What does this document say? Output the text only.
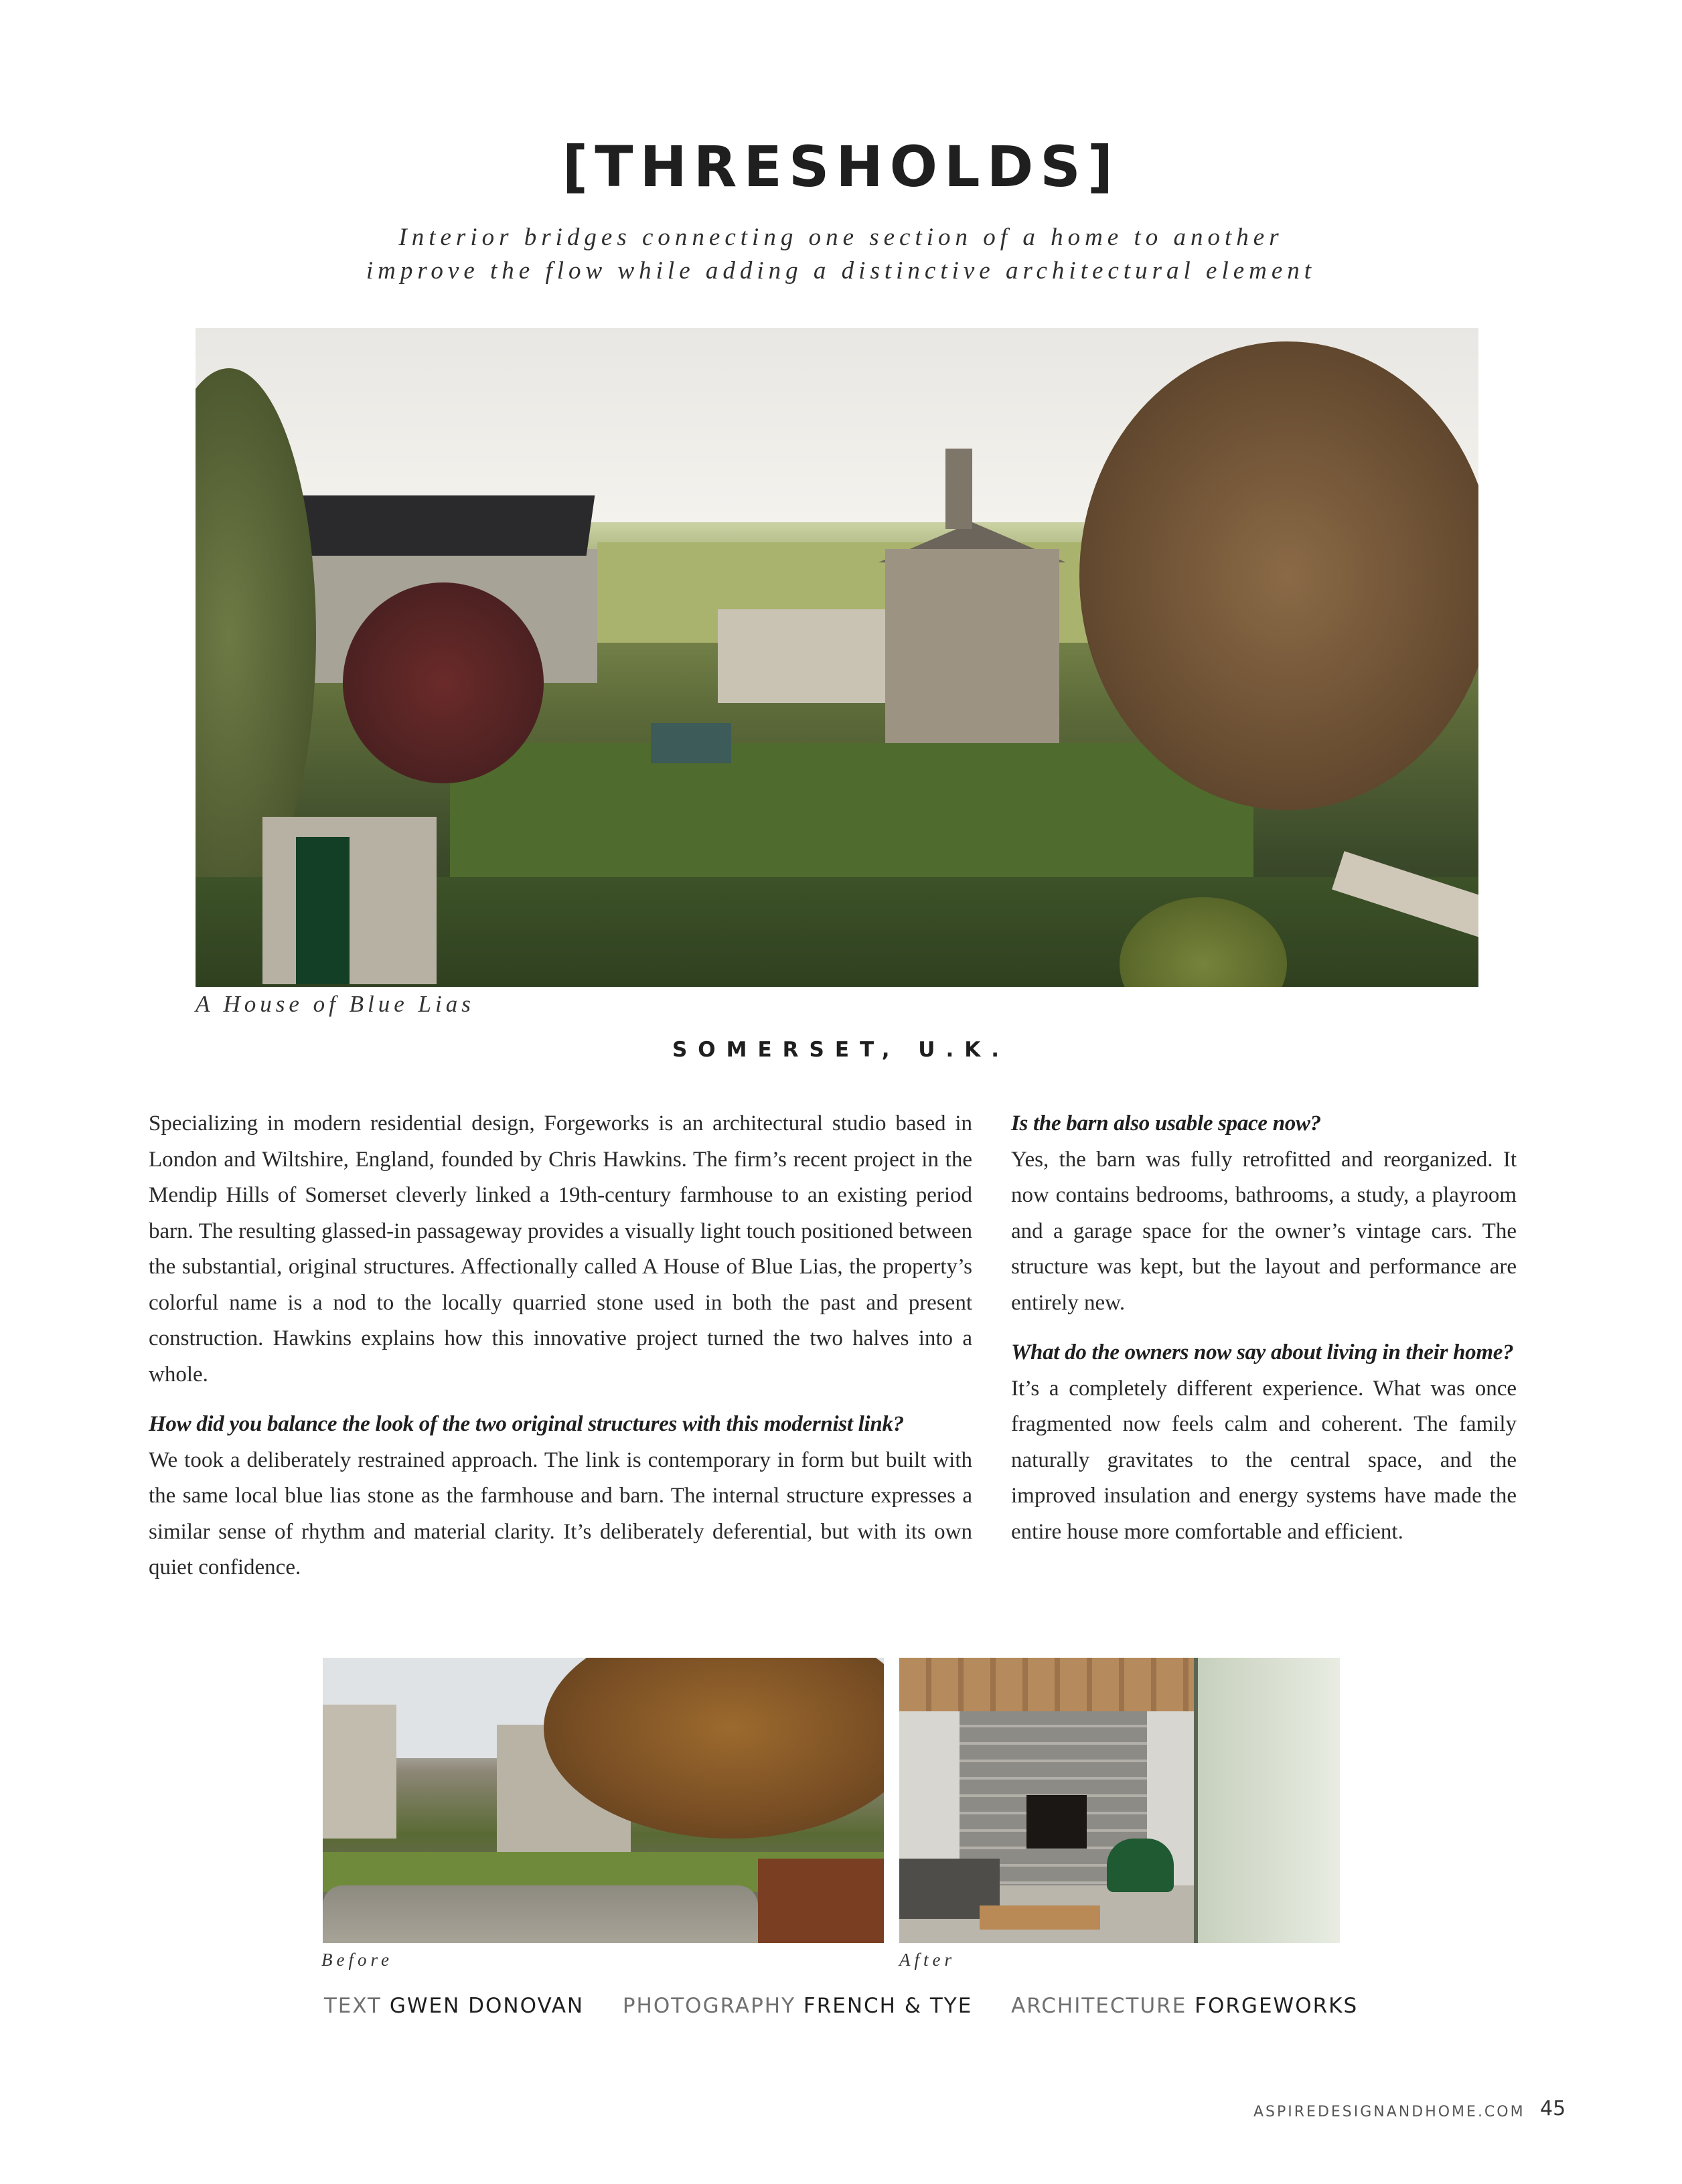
[THRESHOLDS]
Interior bridges connecting one section of a home to another
improve the flow while adding a distinctive architectural element
A House of Blue Lias
SOMERSET, U.K.

Specializing in modern residential design, Forgeworks is an architectural studio based in London and Wiltshire, England, founded by Chris Hawkins. The firm’s recent project in the Mendip Hills of Somerset cleverly linked a 19th-century farmhouse to an existing period barn. The resulting glassed-in passageway provides a visually light touch positioned between the substantial, original structures. Affectionally called A House of Blue Lias, the property’s colorful name is a nod to the locally quarried stone used in both the past and present construction. Hawkins explains how this innovative project turned the two halves into a whole.

How did you balance the look of the two original structures with this modernist link?

We took a deliberately restrained approach. The link is contemporary in form but built with the same local blue lias stone as the farmhouse and barn. The internal structure expresses a similar sense of rhythm and material clarity. It’s deliberately deferential, but with its own quiet confidence.

Is the barn also usable space now?

Yes, the barn was fully retrofitted and reorganized. It now contains bedrooms, bathrooms, a study, a playroom and a garage space for the owner’s vintage cars. The structure was kept, but the layout and performance are entirely new.

What do the owners now say about living in their home?

It’s a completely different experience. What was once fragmented now feels calm and coherent. The family naturally gravitates to the central space, and the improved insulation and energy systems have made the entire house more comfortable and efficient.

Before	After
TEXT GWEN DONOVAN PHOTOGRAPHY FRENCH & TYE ARCHITECTURE FORGEWORKS
ASPIREDESIGNANDHOME.COM 45
